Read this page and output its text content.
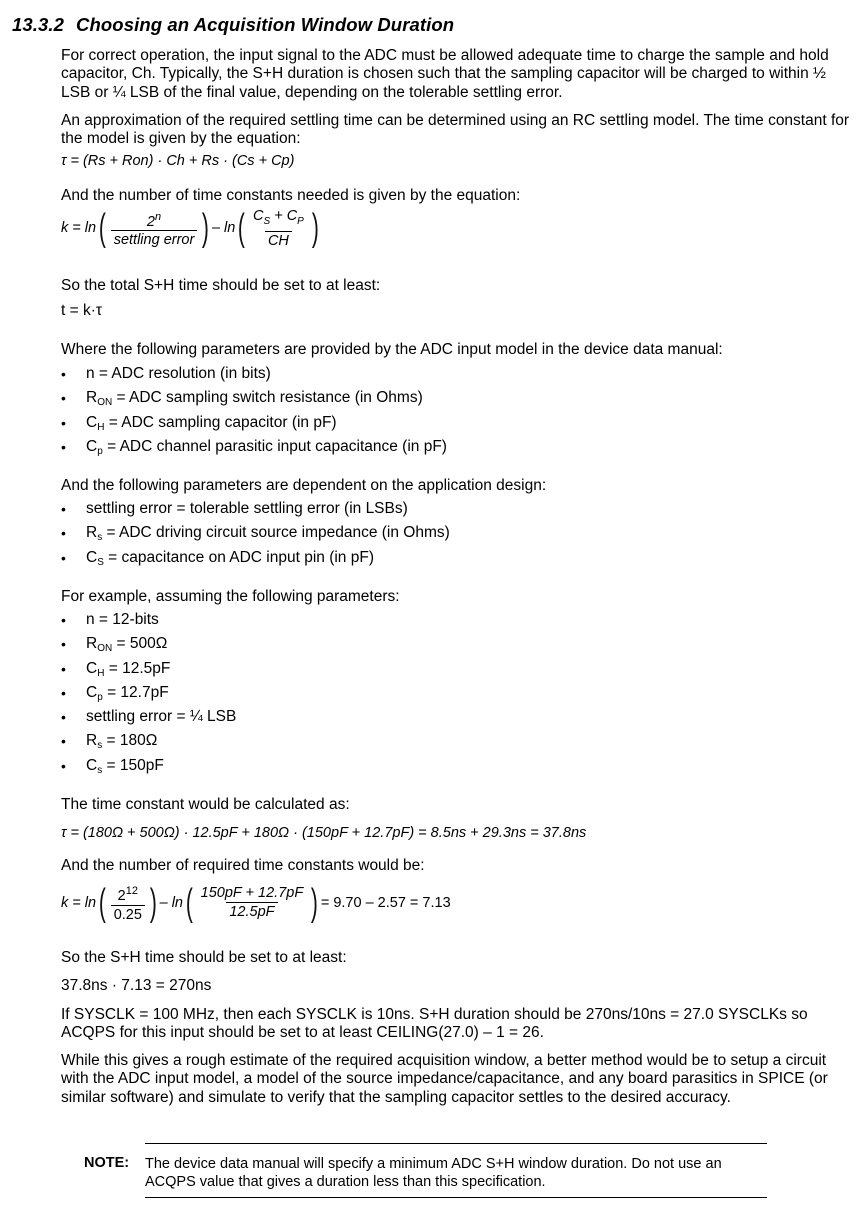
13.3.2 Choosing an Acquisition Window Duration

For correct operation, the input signal to the ADC must be allowed adequate time to charge the sample and hold capacitor, Ch. Typically, the S+H duration is chosen such that the sampling capacitor will be charged to within ½ LSB or ¼ LSB of the final value, depending on the tolerable settling error.

An approximation of the required settling time can be determined using an RC settling model. The time constant for the model is given by the equation:

τ = (Rs + Ron) · Ch + Rs · (Cs + Cp)

And the number of time constants needed is given by the equation:

$k = \ln( \frac{2^n}{\text{settling error}}$ ) – $\ln( \frac{C_S + C_P}{CH}$ )

So the total S+H time should be set to at least:

t = k·τ

Where the following parameters are provided by the ADC input model in the device data manual:

• n = ADC resolution (in bits)
• $R_{ON}$ = ADC sampling switch resistance (in Ohms)
• $C_H$ = ADC sampling capacitor (in pF)
• $C_p$ = ADC channel parasitic input capacitance (in pF)

And the following parameters are dependent on the application design:

• settling error = tolerable settling error (in LSBs)
• $R_s$ = ADC driving circuit source impedance (in Ohms)
• $C_S$ = capacitance on ADC input pin (in pF)

For example, assuming the following parameters:

• n = 12-bits
• $R_{ON} = 500\Omega$
• $C_H = 12.5pF$
• $C_p = 12.7pF$
• settling error = ¼ LSB
• $R_s = 180\Omega$
• $C_s = 150pF$

The time constant would be calculated as:

τ = (180Ω + 500Ω) · 12.5pF + 180Ω · (150pF + 12.7pF) = 8.5ns + 29.3ns = 37.8ns

And the number of required time constants would be:

$k = \ln( \frac{2^{12}}{0.25}$ ) – $\ln( \frac{150pF + 12.7pF}{12.5pF}$ ) = 9.70 – 2.57 = 7.13

So the S+H time should be set to at least:

37.8ns · 7.13 = 270ns

If SYSCLK = 100 MHz, then each SYSCLK is 10ns. S+H duration should be 270ns/10ns = 27.0 SYSCLKs so ACQPS for this input should be set to at least CEILING(27.0) – 1 = 26.

While this gives a rough estimate of the required acquisition window, a better method would be to setup a circuit with the ADC input model, a model of the source impedance/capacitance, and any board parasitics in SPICE (or similar software) and simulate to verify that the sampling capacitor settles to the desired accuracy.

NOTE: The device data manual will specify a minimum ADC S+H window duration. Do not use an ACQPS value that gives a duration less than this specification.
